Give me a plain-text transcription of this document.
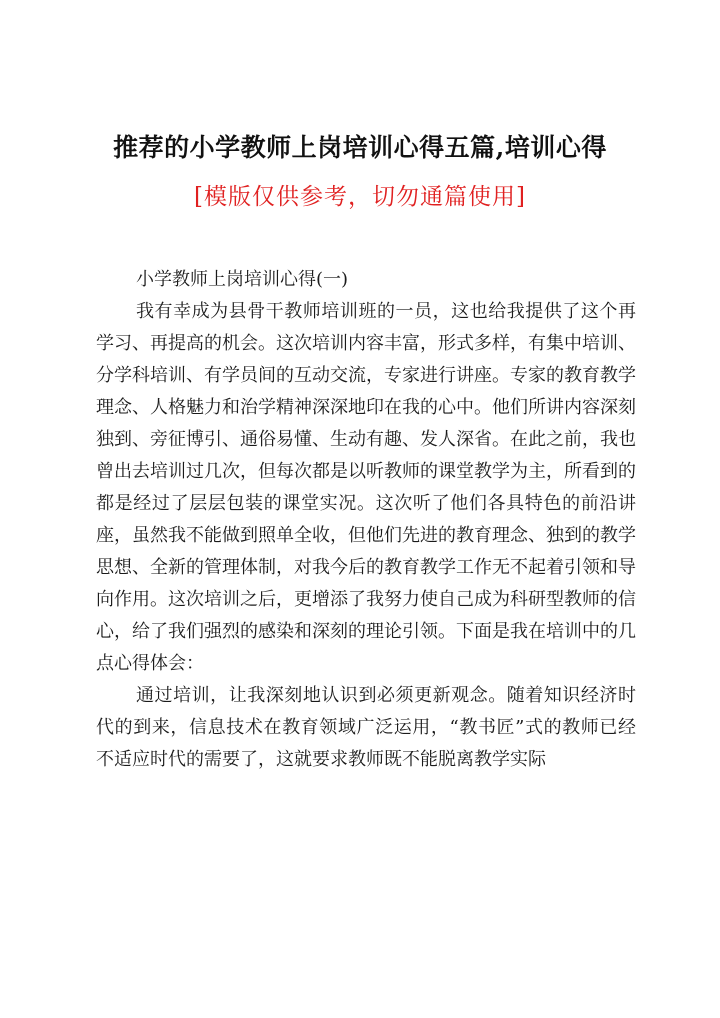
推荐的小学教师上岗培训心得五篇,培训心得
[模版仅供参考，切勿通篇使用]
小学教师上岗培训心得(一)

我有幸成为县骨干教师培训班的一员，这也给我提供了这个再学习、再提高的机会。这次培训内容丰富，形式多样，有集中培训、分学科培训、有学员间的互动交流，专家进行讲座。专家的教育教学理念、人格魅力和治学精神深深地印在我的心中。他们所讲内容深刻独到、旁征博引、通俗易懂、生动有趣、发人深省。在此之前，我也曾出去培训过几次，但每次都是以听教师的课堂教学为主，所看到的都是经过了层层包装的课堂实况。这次听了他们各具特色的前沿讲座，虽然我不能做到照单全收，但他们先进的教育理念、独到的教学思想、全新的管理体制，对我今后的教育教学工作无不起着引领和导向作用。这次培训之后，更增添了我努力使自己成为科研型教师的信心，给了我们强烈的感染和深刻的理论引领。下面是我在培训中的几点心得体会：

通过培训，让我深刻地认识到必须更新观念。随着知识经济时代的到来，信息技术在教育领域广泛运用，“教书匠”式的教师已经不适应时代的需要了，这就要求教师既不能脱离教学实际
